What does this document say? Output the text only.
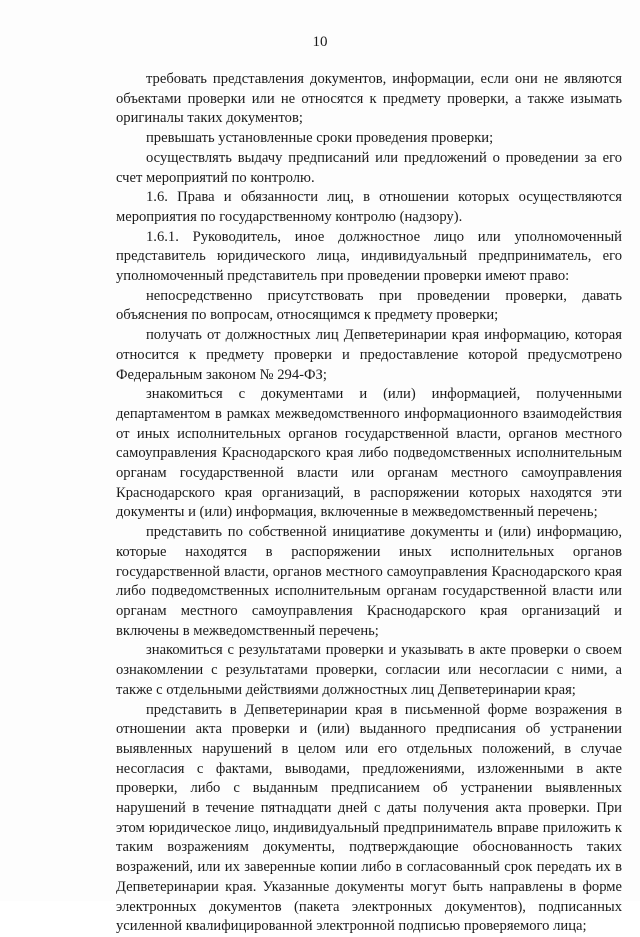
10

требовать представления документов, информации, если они не являются объектами проверки или не относятся к предмету проверки, а также изымать оригиналы таких документов;

превышать установленные сроки проведения проверки;

осуществлять выдачу предписаний или предложений о проведении за его счет мероприятий по контролю.

1.6. Права и обязанности лиц, в отношении которых осуществляются мероприятия по государственному контролю (надзору).

1.6.1. Руководитель, иное должностное лицо или уполномоченный представитель юридического лица, индивидуальный предприниматель, его уполномоченный представитель при проведении проверки имеют право:

непосредственно присутствовать при проведении проверки, давать объяснения по вопросам, относящимся к предмету проверки;

получать от должностных лиц Депветеринарии края информацию, которая относится к предмету проверки и предоставление которой предусмотрено Федеральным законом № 294-ФЗ;

знакомиться с документами и (или) информацией, полученными департаментом в рамках межведомственного информационного взаимодействия от иных исполнительных органов государственной власти, органов местного самоуправления Краснодарского края либо подведомственных исполнительным органам государственной власти или органам местного самоуправления Краснодарского края организаций, в распоряжении которых находятся эти документы и (или) информация, включенные в межведомственный перечень;

представить по собственной инициативе документы и (или) информацию, которые находятся в распоряжении иных исполнительных органов государственной власти, органов местного самоуправления Краснодарского края либо подведомственных исполнительным органам государственной власти или органам местного самоуправления Краснодарского края организаций и включены в межведомственный перечень;

знакомиться с результатами проверки и указывать в акте проверки о своем ознакомлении с результатами проверки, согласии или несогласии с ними, а также с отдельными действиями должностных лиц Депветеринарии края;

представить в Депветеринарии края в письменной форме возражения в отношении акта проверки и (или) выданного предписания об устранении выявленных нарушений в целом или его отдельных положений, в случае несогласия с фактами, выводами, предложениями, изложенными в акте проверки, либо с выданным предписанием об устранении выявленных нарушений в течение пятнадцати дней с даты получения акта проверки. При этом юридическое лицо, индивидуальный предприниматель вправе приложить к таким возражениям документы, подтверждающие обоснованность таких возражений, или их заверенные копии либо в согласованный срок передать их в Депветеринарии края. Указанные документы могут быть направлены в форме электронных документов (пакета электронных документов), подписанных усиленной квалифицированной электронной подписью проверяемого лица;
